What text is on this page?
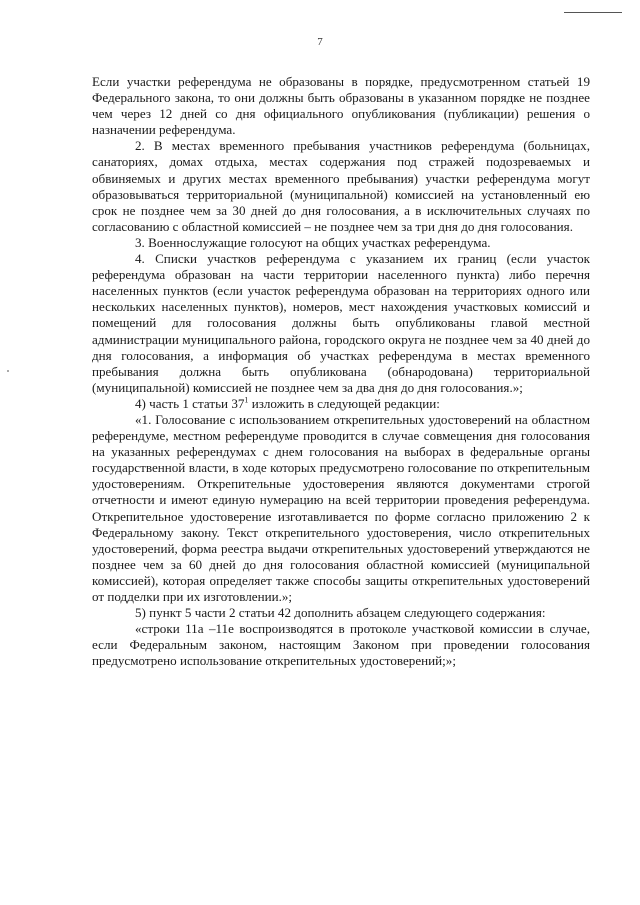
7

Если участки референдума не образованы в порядке, предусмотренном статьей 19 Федерального закона, то они должны быть образованы в указанном порядке не позднее чем через 12 дней со дня официального опубликования (публикации) решения о назначении референдума.

2. В местах временного пребывания участников референдума (больницах, санаториях, домах отдыха, местах содержания под стражей подозреваемых и обвиняемых и других местах временного пребывания) участки референдума могут образовываться территориальной (муниципальной) комиссией на установленный ею срок не позднее чем за 30 дней до дня голосования, а в исключительных случаях по согласованию с областной комиссией – не позднее чем за три дня до дня голосования.

3. Военнослужащие голосуют на общих участках референдума.

4. Списки участков референдума с указанием их границ (если участок референдума образован на части территории населенного пункта) либо перечня населенных пунктов (если участок референдума образован на территориях одного или нескольких населенных пунктов), номеров, мест нахождения участковых комиссий и помещений для голосования должны быть опубликованы главой местной администрации муниципального района, городского округа не позднее чем за 40 дней до дня голосования, а информация об участках референдума в местах временного пребывания должна быть опубликована (обнародована) территориальной (муниципальной) комиссией не позднее чем за два дня до дня голосования.»;

4) часть 1 статьи $37^1$ изложить в следующей редакции:

«1. Голосование с использованием открепительных удостоверений на областном референдуме, местном референдуме проводится в случае совмещения дня голосования на указанных референдумах с днем голосования на выборах в федеральные органы государственной власти, в ходе которых предусмотрено голосование по открепительным удостоверениям. Открепительные удостоверения являются документами строгой отчетности и имеют единую нумерацию на всей территории проведения референдума. Открепительное удостоверение изготавливается по форме согласно приложению 2 к Федеральному закону. Текст открепительного удостоверения, число открепительных удостоверений, форма реестра выдачи открепительных удостоверений утверждаются не позднее чем за 60 дней до дня голосования областной комиссией (муниципальной комиссией), которая определяет также способы защиты открепительных удостоверений от подделки при их изготовлении.»;

5) пункт 5 части 2 статьи 42 дополнить абзацем следующего содержания:

«строки 11а –11е воспроизводятся в протоколе участковой комиссии в случае, если Федеральным законом, настоящим Законом при проведении голосования предусмотрено использование открепительных удостоверений;»;
